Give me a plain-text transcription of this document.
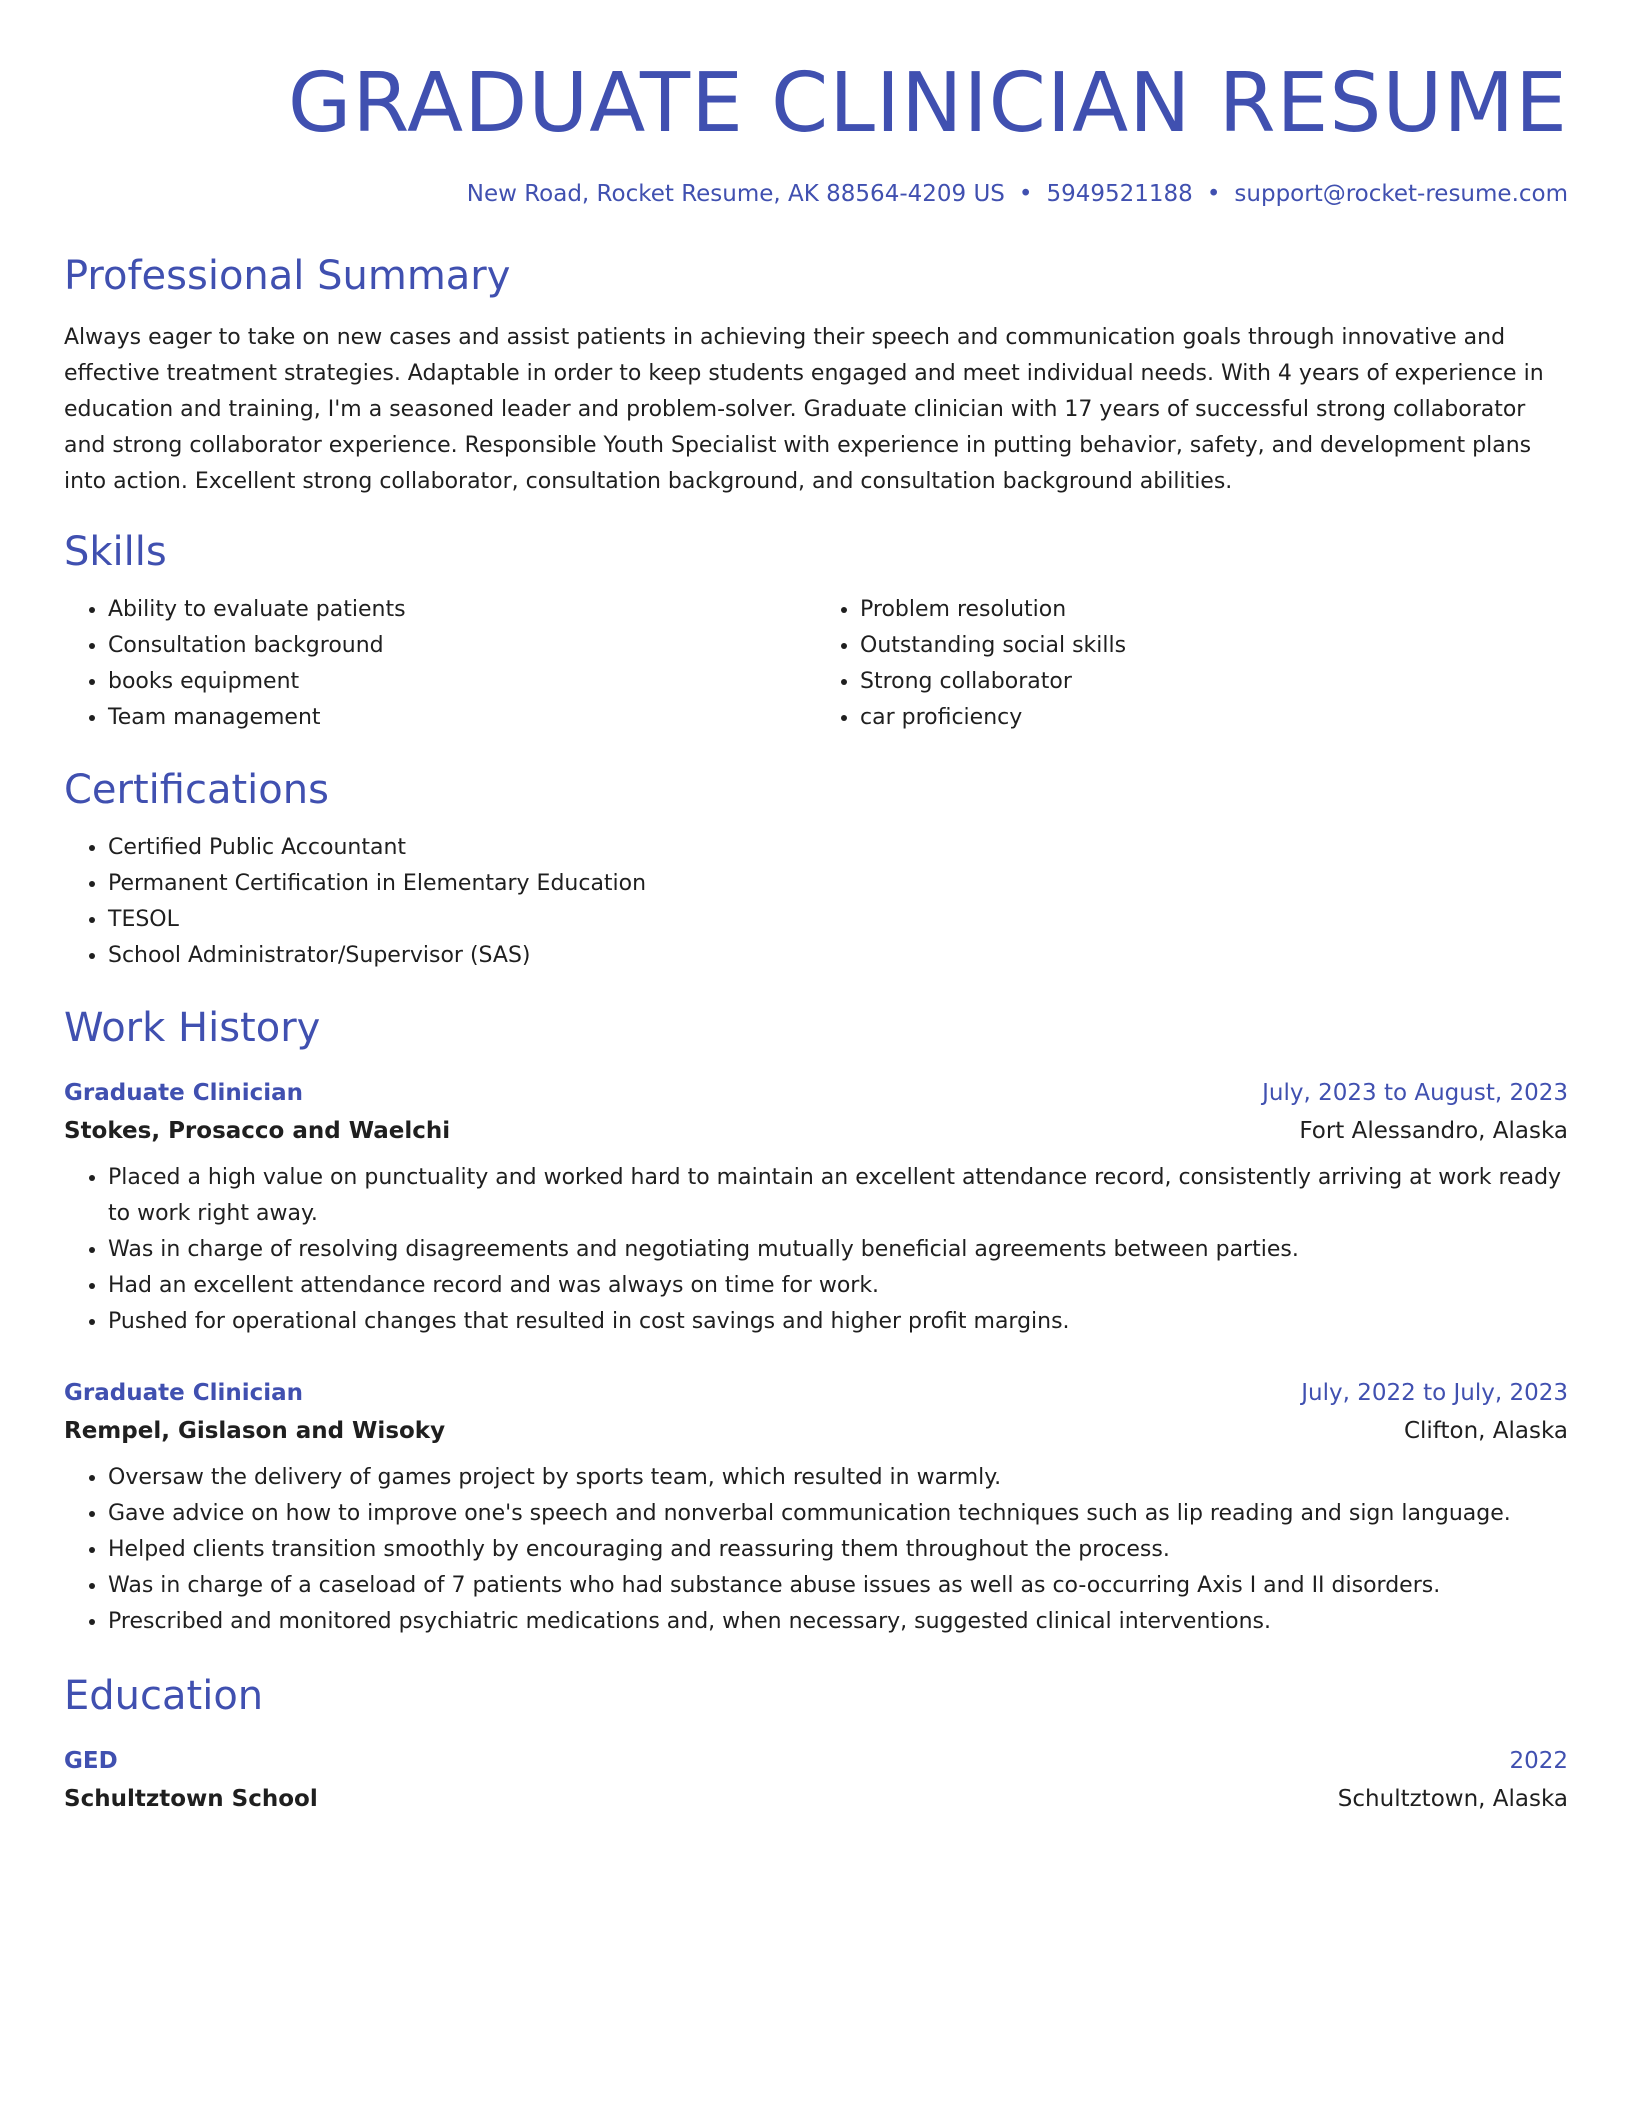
GRADUATE CLINICIAN RESUME
New Road, Rocket Resume, AK 88564-4209 US • 5949521188 • support@rocket-resume.com
Professional Summary

Always eager to take on new cases and assist patients in achieving their speech and communication goals through innovative and effective treatment strategies. Adaptable in order to keep students engaged and meet individual needs. With 4 years of experience in education and training, I'm a seasoned leader and problem-solver. Graduate clinician with 17 years of successful strong collaborator and strong collaborator experience. Responsible Youth Specialist with experience in putting behavior, safety, and development plans into action. Excellent strong collaborator, consultation background, and consultation background abilities.

Skills
• Ability to evaluate patients
• Consultation background
• books equipment
• Team management
• Problem resolution
• Outstanding social skills
• Strong collaborator
• car proficiency
Certifications
• Certified Public Accountant
• Permanent Certification in Elementary Education
• TESOL
• School Administrator/Supervisor (SAS)
Work History
Graduate Clinician	July, 2023 to August, 2023
Stokes, Prosacco and Waelchi	Fort Alessandro, Alaska
• Placed a high value on punctuality and worked hard to maintain an excellent attendance record, consistently arriving at work ready to work right away.
• Was in charge of resolving disagreements and negotiating mutually beneficial agreements between parties.
• Had an excellent attendance record and was always on time for work.
• Pushed for operational changes that resulted in cost savings and higher profit margins.
Graduate Clinician	July, 2022 to July, 2023
Rempel, Gislason and Wisoky	Clifton, Alaska
• Oversaw the delivery of games project by sports team, which resulted in warmly.
• Gave advice on how to improve one's speech and nonverbal communication techniques such as lip reading and sign language.
• Helped clients transition smoothly by encouraging and reassuring them throughout the process.
• Was in charge of a caseload of 7 patients who had substance abuse issues as well as co-occurring Axis I and II disorders.
• Prescribed and monitored psychiatric medications and, when necessary, suggested clinical interventions.
Education
GED	2022
Schultztown School	Schultztown, Alaska
